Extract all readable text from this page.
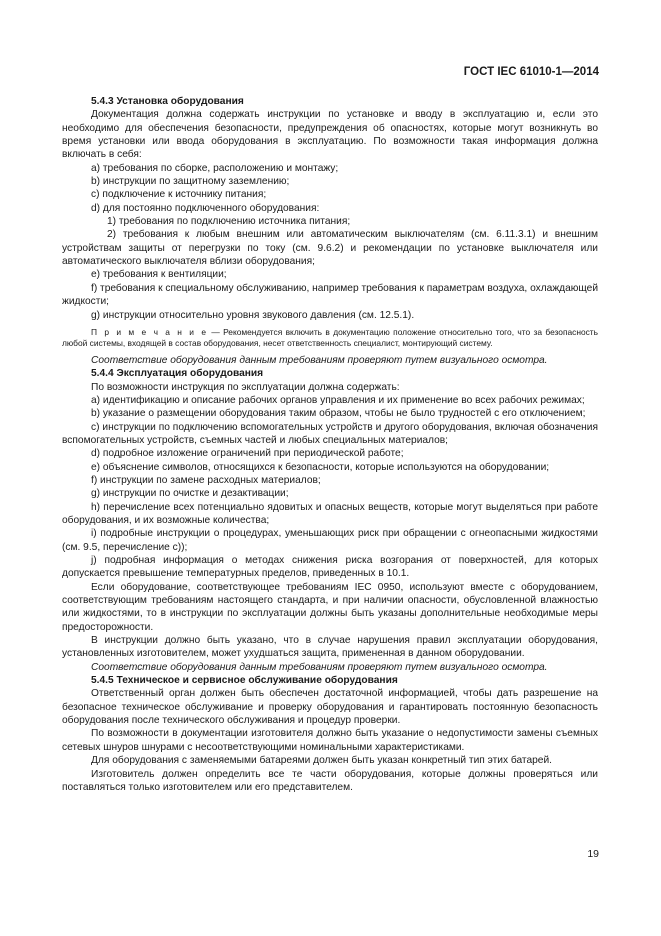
ГОСТ IEC 61010-1—2014

5.4.3 Установка оборудования

Документация должна содержать инструкции по установке и вводу в эксплуатацию и, если это необходимо для обеспечения безопасности, предупреждения об опасностях, которые могут возникнуть во время установки или ввода оборудования в эксплуатацию. По возможности такая информация должна включать в себя:

a) требования по сборке, расположению и монтажу;

b) инструкции по защитному заземлению;

c) подключение к источнику питания;

d) для постоянно подключенного оборудования:

1) требования по подключению источника питания;

2) требования к любым внешним или автоматическим выключателям (см. 6.11.3.1) и внешним устройствам защиты от перегрузки по току (см. 9.6.2) и рекомендации по установке выключателя или автоматического выключателя вблизи оборудования;

e) требования к вентиляции;

f) требования к специальному обслуживанию, например требования к параметрам воздуха, охлаждающей жидкости;

g) инструкции относительно уровня звукового давления (см. 12.5.1).

П р и м е ч а н и е — Рекомендуется включить в документацию положение относительно того, что за безопасность любой системы, входящей в состав оборудования, несет ответственность специалист, монтирующий систему.

Соответствие оборудования данным требованиям проверяют путем визуального осмотра.

5.4.4 Эксплуатация оборудования

По возможности инструкция по эксплуатации должна содержать:

a) идентификацию и описание рабочих органов управления и их применение во всех рабочих режимах;

b) указание о размещении оборудования таким образом, чтобы не было трудностей с его отключением;

c) инструкции по подключению вспомогательных устройств и другого оборудования, включая обозначения вспомогательных устройств, съемных частей и любых специальных материалов;

d) подробное изложение ограничений при периодической работе;

e) объяснение символов, относящихся к безопасности, которые используются на оборудовании;

f) инструкции по замене расходных материалов;

g) инструкции по очистке и дезактивации;

h) перечисление всех потенциально ядовитых и опасных веществ, которые могут выделяться при работе оборудования, и их возможные количества;

i) подробные инструкции о процедурах, уменьшающих риск при обращении с огнеопасными жидкостями (см. 9.5, перечисление с));

j) подробная информация о методах снижения риска возгорания от поверхностей, для которых допускается превышение температурных пределов, приведенных в 10.1.

Если оборудование, соответствующее требованиям IEC 0950, используют вместе с оборудованием, соответствующим требованиям настоящего стандарта, и при наличии опасности, обусловленной влажностью или жидкостями, то в инструкции по эксплуатации должны быть указаны дополнительные необходимые меры предосторожности.

В инструкции должно быть указано, что в случае нарушения правил эксплуатации оборудования, установленных изготовителем, может ухудшаться защита, примененная в данном оборудовании.

Соответствие оборудования данным требованиям проверяют путем визуального осмотра.

5.4.5 Техническое и сервисное обслуживание оборудования

Ответственный орган должен быть обеспечен достаточной информацией, чтобы дать разрешение на безопасное техническое обслуживание и проверку оборудования и гарантировать постоянную безопасность оборудования после технического обслуживания и процедур проверки.

По возможности в документации изготовителя должно быть указание о недопустимости замены съемных сетевых шнуров шнурами с несоответствующими номинальными характеристиками.

Для оборудования с заменяемыми батареями должен быть указан конкретный тип этих батарей.

Изготовитель должен определить все те части оборудования, которые должны проверяться или поставляться только изготовителем или его представителем.

19
